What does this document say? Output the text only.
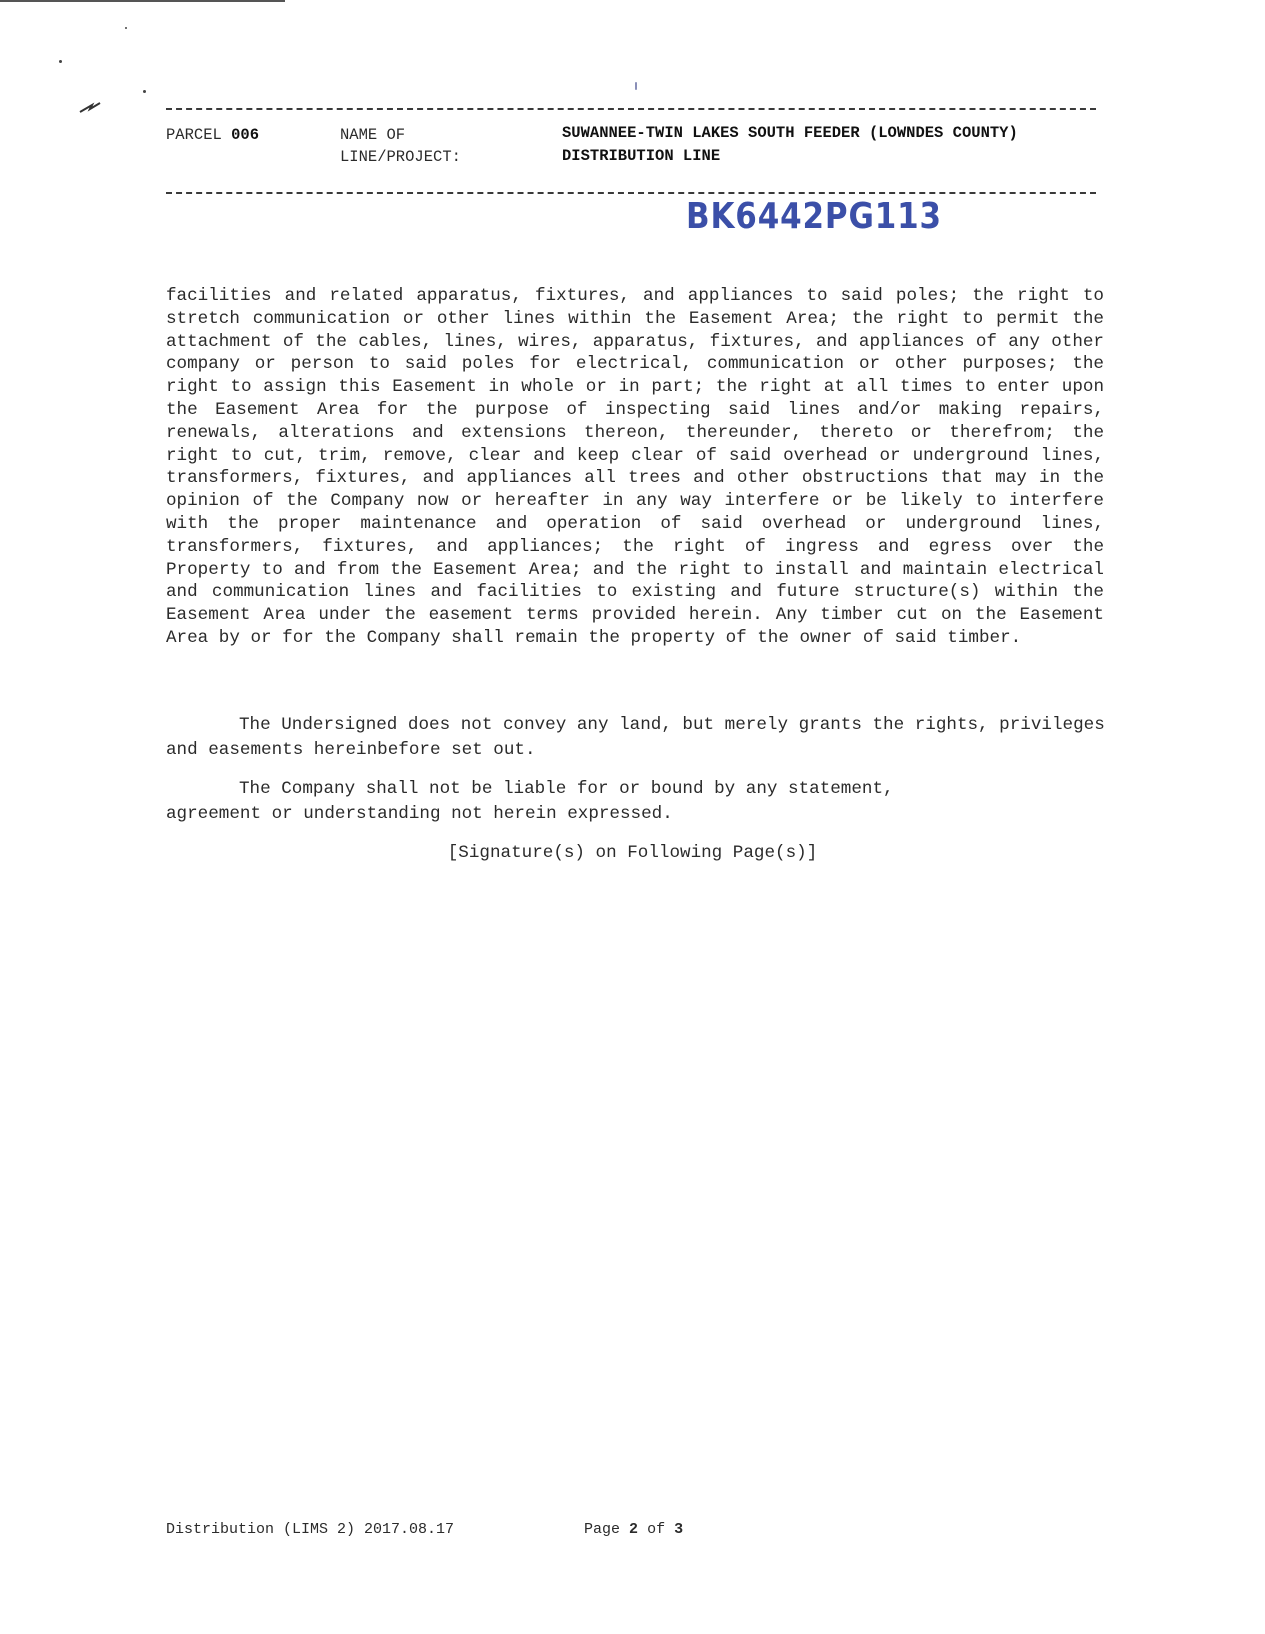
PARCEL 006	NAME OF
LINE/PROJECT:
SUWANNEE-TWIN LAKES SOUTH FEEDER (LOWNDES COUNTY)
DISTRIBUTION LINE
BK6442PG113
facilities and related apparatus, fixtures, and appliances to said poles; the right to stretch communication or other lines within the Easement Area; the right to permit the attachment of the cables, lines, wires, apparatus, fixtures, and appliances of any other company or person to said poles for electrical, communication or other purposes; the right to assign this Easement in whole or in part; the right at all times to enter upon the Easement Area for the purpose of inspecting said lines and/or making repairs, renewals, alterations and extensions thereon, thereunder, thereto or therefrom; the right to cut, trim, remove, clear and keep clear of said overhead or underground lines, transformers, fixtures, and appliances all trees and other obstructions that may in the opinion of the Company now or hereafter in any way interfere or be likely to interfere with the proper maintenance and operation of said overhead or underground lines, transformers, fixtures, and appliances; the right of ingress and egress over the Property to and from the Easement Area; and the right to install and maintain electrical and communication lines and facilities to existing and future structure(s) within the Easement Area under the easement terms provided herein. Any timber cut on the Easement Area by or for the Company shall remain the property of the owner of said timber.
The Undersigned does not convey any land, but merely grants the rights, privileges and easements hereinbefore set out.
The Company shall not be liable for or bound by any statement,
agreement or understanding not herein expressed.
[Signature(s) on Following Page(s)]
Distribution (LIMS 2) 2017.08.17	Page 2 of 3
